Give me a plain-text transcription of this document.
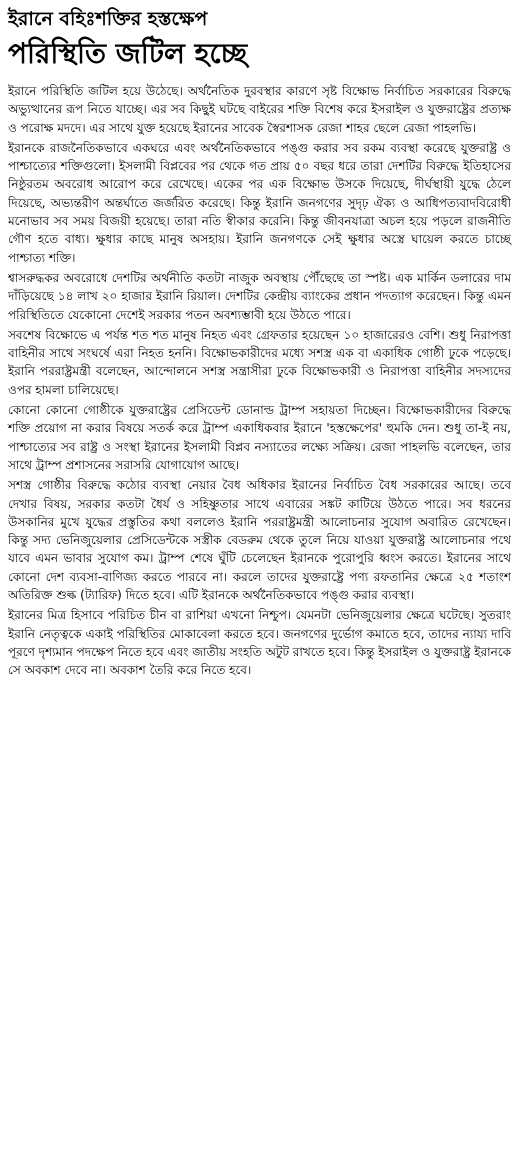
ইরানে বহিঃশক্তির হস্তক্ষেপ
পরিস্থিতি জটিল হচ্ছে

ইরানে পরিস্থিতি জটিল হয়ে উঠেছে। অর্থনৈতিক দুরবস্থার কারণে সৃষ্ট বিক্ষোভ নির্বাচিত সরকারের বিরুদ্ধে অভ্যুত্থানের রূপ নিতে যাচ্ছে। এর সব কিছুই ঘটছে বাইরের শক্তি বিশেষ করে ইসরাইল ও যুক্তরাষ্ট্রের প্রত্যক্ষ ও পরোক্ষ মদদে। এর সাথে যুক্ত হয়েছে ইরানের সাবেক স্বৈরশাসক রেজা শাহর ছেলে রেজা পাহলভি।

ইরানকে রাজনৈতিকভাবে একঘরে এবং অর্থনৈতিকভাবে পঙ্গু করার সব রকম ব্যবস্থা করেছে যুক্তরাষ্ট্র ও পাশ্চাত্যের শক্তিগুলো। ইসলামী বিপ্লবের পর থেকে গত প্রায় ৫০ বছর ধরে তারা দেশটির বিরুদ্ধে ইতিহাসের নিষ্ঠুরতম অবরোধ আরোপ করে রেখেছে। একের পর এক বিক্ষোভ উসকে দিয়েছে, দীর্ঘস্থায়ী যুদ্ধে ঠেলে দিয়েছে, অভ্যন্তরীণ অন্তর্ঘাতে জর্জরিত করেছে। কিন্তু ইরানি জনগণের সুদৃঢ় ঐক্য ও আধিপত্যবাদবিরোধী মনোভাব সব সময় বিজয়ী হয়েছে। তারা নতি স্বীকার করেনি। কিন্তু জীবনযাত্রা অচল হয়ে পড়লে রাজনীতি গৌণ হতে বাধ্য। ক্ষুধার কাছে মানুষ অসহায়। ইরানি জনগণকে সেই ক্ষুধার অস্ত্রে ঘায়েল করতে চাচ্ছে পাশ্চাত্য শক্তি।

শ্বাসরুদ্ধকর অবরোধে দেশটির অর্থনীতি কতটা নাজুক অবস্থায় পৌঁছেছে তা স্পষ্ট। এক মার্কিন ডলারের দাম দাঁড়িয়েছে ১৪ লাখ ২০ হাজার ইরানি রিয়াল। দেশটির কেন্দ্রীয় ব্যাংকের প্রধান পদত্যাগ করেছেন। কিন্তু এমন পরিস্থিতিতে যেকোনো দেশেই সরকার পতন অবশ্যম্ভাবী হয়ে উঠতে পারে।

সবশেষ বিক্ষোভে এ পর্যন্ত শত শত মানুষ নিহত এবং গ্রেফতার হয়েছেন ১০ হাজারেরও বেশি। শুধু নিরাপত্তা বাহিনীর সাথে সংঘর্ষে এরা নিহত হননি। বিক্ষোভকারীদের মধ্যে সশস্ত্র এক বা একাধিক গোষ্ঠী ঢুকে পড়েছে। ইরানি পররাষ্ট্রমন্ত্রী বলেছেন, আন্দোলনে সশস্ত্র সন্ত্রাসীরা ঢুকে বিক্ষোভকারী ও নিরাপত্তা বাহিনীর সদস্যদের ওপর হামলা চালিয়েছে।

কোনো কোনো গোষ্ঠীকে যুক্তরাষ্ট্রের প্রেসিডেন্ট ডোনাল্ড ট্রাম্প সহায়তা দিচ্ছেন। বিক্ষোভকারীদের বিরুদ্ধে শক্তি প্রয়োগ না করার বিষয়ে সতর্ক করে ট্রাম্প একাধিকবার ইরানে 'হস্তক্ষেপের' হুমকি দেন। শুধু তা-ই নয়, পাশ্চাত্যের সব রাষ্ট্র ও সংস্থা ইরানের ইসলামী বিপ্লব নস্যাতের লক্ষ্যে সক্রিয়। রেজা পাহলভি বলেছেন, তার সাথে ট্রাম্প প্রশাসনের সরাসরি যোগাযোগ আছে।

সশস্ত্র গোষ্ঠীর বিরুদ্ধে কঠোর ব্যবস্থা নেয়ার বৈধ অধিকার ইরানের নির্বাচিত বৈধ সরকারের আছে। তবে দেখার বিষয়, সরকার কতটা ধৈর্য ও সহিষ্ণুতার সাথে এবারের সঙ্কট কাটিয়ে উঠতে পারে। সব ধরনের উসকানির মুখে যুদ্ধের প্রস্তুতির কথা বললেও ইরানি পররাষ্ট্রমন্ত্রী আলোচনার সুযোগ অবারিত রেখেছেন। কিন্তু সদ্য ভেনিজুয়েলার প্রেসিডেন্টকে সস্ত্রীক বেডরুম থেকে তুলে নিয়ে যাওয়া যুক্তরাষ্ট্র আলোচনার পথে যাবে এমন ভাবার সুযোগ কম। ট্রাম্প শেষে ঘুঁটি চেলেছেন ইরানকে পুরোপুরি ধ্বংস করতে। ইরানের সাথে কোনো দেশ ব্যবসা-বাণিজ্য করতে পারবে না। করলে তাদের যুক্তরাষ্ট্রে পণ্য রফতানির ক্ষেত্রে ২৫ শতাংশ অতিরিক্ত শুল্ক (ট্যারিফ) দিতে হবে। এটি ইরানকে অর্থনৈতিকভাবে পঙ্গু করার ব্যবস্থা।

ইরানের মিত্র হিসাবে পরিচিত চীন বা রাশিয়া এখনো নিশ্চুপ। যেমনটা ভেনিজুয়েলার ক্ষেত্রে ঘটেছে। সুতরাং ইরানি নেতৃত্বকে একাই পরিস্থিতির মোকাবেলা করতে হবে। জনগণের দুর্ভোগ কমাতে হবে, তাদের ন্যায্য দাবি পূরণে দৃশ্যমান পদক্ষেপ নিতে হবে এবং জাতীয় সংহতি অটুট রাখতে হবে। কিন্তু ইসরাইল ও যুক্তরাষ্ট্র ইরানকে সে অবকাশ দেবে না। অবকাশ তৈরি করে নিতে হবে।
